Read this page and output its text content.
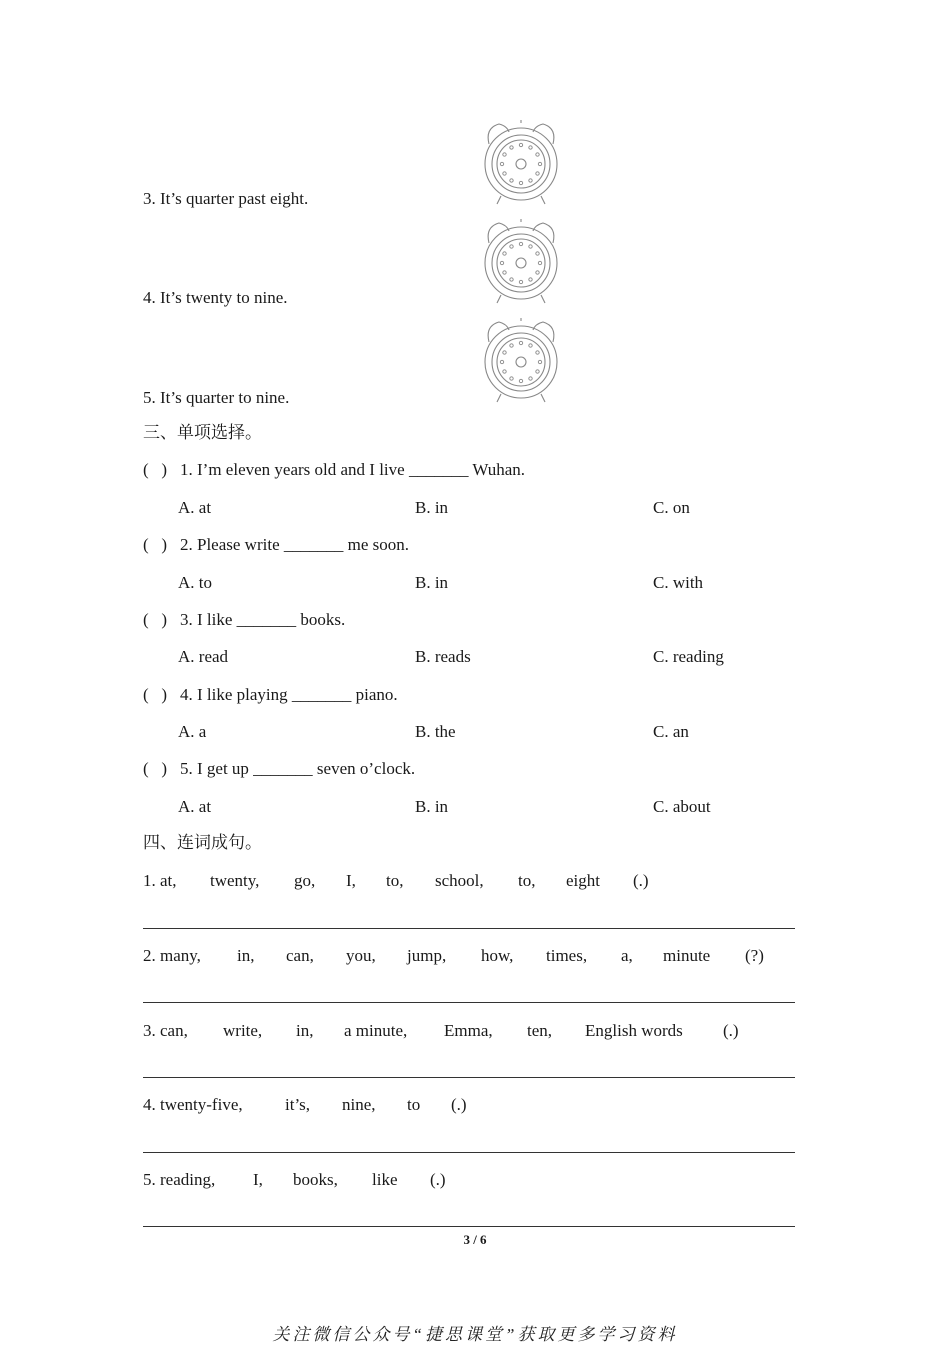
3. It’s quarter past eight.
4. It’s twenty to nine.
5. It’s quarter to nine.
三、单项选择。
(   ) 1. I’m eleven years old and I live _______ Wuhan.
A. at	B. in	C. on
(   ) 2. Please write _______ me soon.
A. to	B. in	C. with
(   ) 3. I like _______ books.
A. read	B. reads	C. reading
(   ) 4. I like playing _______ piano.
A. a	B. the	C. an
(   ) 5. I get up _______ seven o’clock.
A. at	B. in	C. about
四、连词成句。
1. at, twenty, go, I, to, school, to, eight (.)
2. many, in, can, you, jump, how, times, a, minute (?)
3. can, write, in, a minute, Emma, ten, English words (.)
4. twenty-five, it’s, nine, to (.)
5. reading, I, books, like (.)
3 / 6
关注微信公众号“捷思课堂”获取更多学习资料
